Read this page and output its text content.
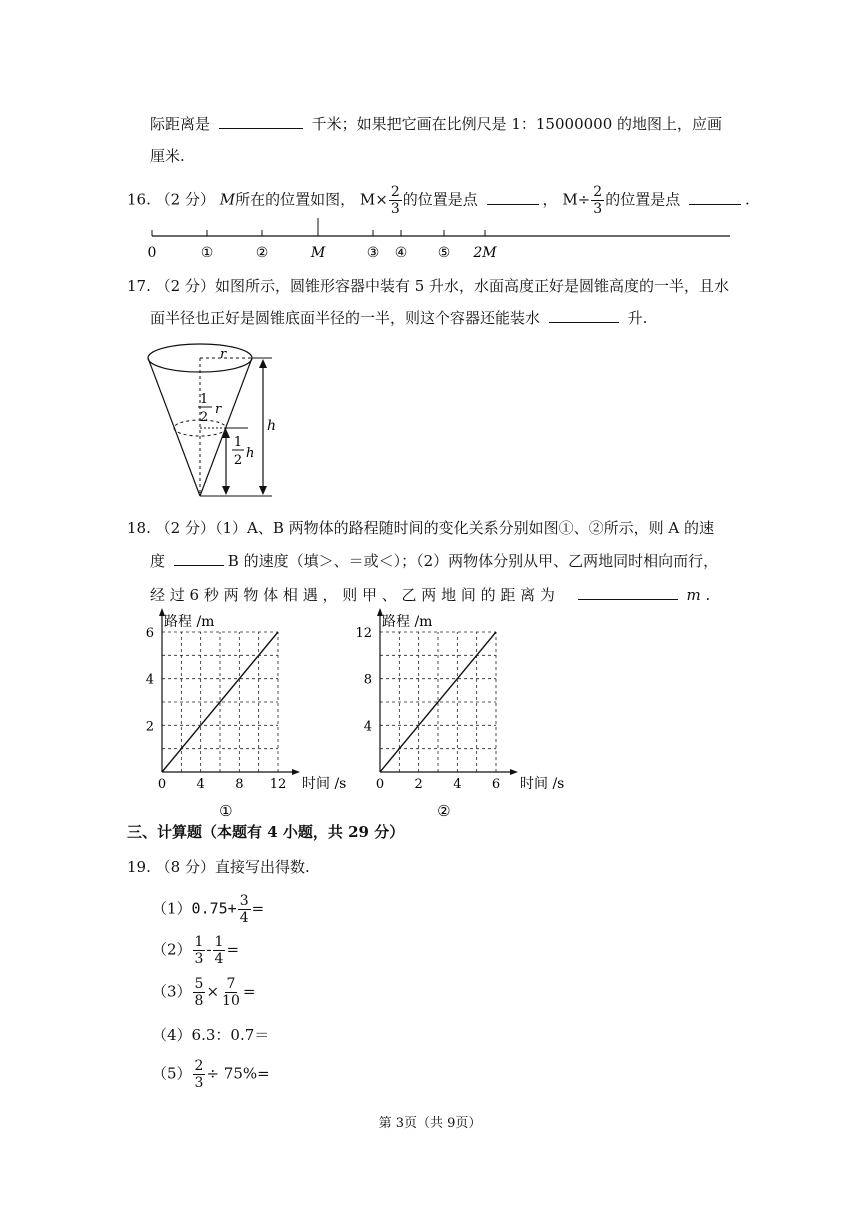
际距离是	千米；如果把它画在比例尺是 1：15000000 的地图上，应画
厘米.
16. （2 分） M所在的位置如图， $M\times \frac{2}{3}$ 的位置是点	， $M\div \frac{2}{3}$ 的位置是点	.
0	①	②	M	③ ④ ⑤ 2M
17. （2 分）如图所示，圆锥形容器中装有 5 升水，水面高度正好是圆锥高度的一半，且水
面半径也正好是圆锥底面半径的一半，则这个容器还能装水	升.
r
h
1
2
r
1
2 h
18. （2 分）（1）A、B 两物体的路程随时间的变化关系分别如图①、②所示，则 A 的速
度	B 的速度（填＞、＝或＜）；（2）两物体分别从甲、乙两地同时相向而行，
经 过 6 秒 两 物 体 相 遇 ， 则 甲 、 乙 两 地 间 的 距 离 为	m .
0 4 8 12
2
4
6
路程 /m
时间 /s
①
0 2 4 6
4
8
12
路程 /m
时间 /s
②
三、计算题（本题有 4 小题，共 29 分）
19. （8 分）直接写出得数.
$(1)0.75+ \frac{3}{4}$ =
$(2) \frac{1}{3} - \frac{1}{4}$ =
$(3) \frac{5}{8} \times \frac{7}{10}$ =
（4）6.3：0.7＝
$(5) \frac{2}{3} \div 75\%=$
第 3页（共 9页）
